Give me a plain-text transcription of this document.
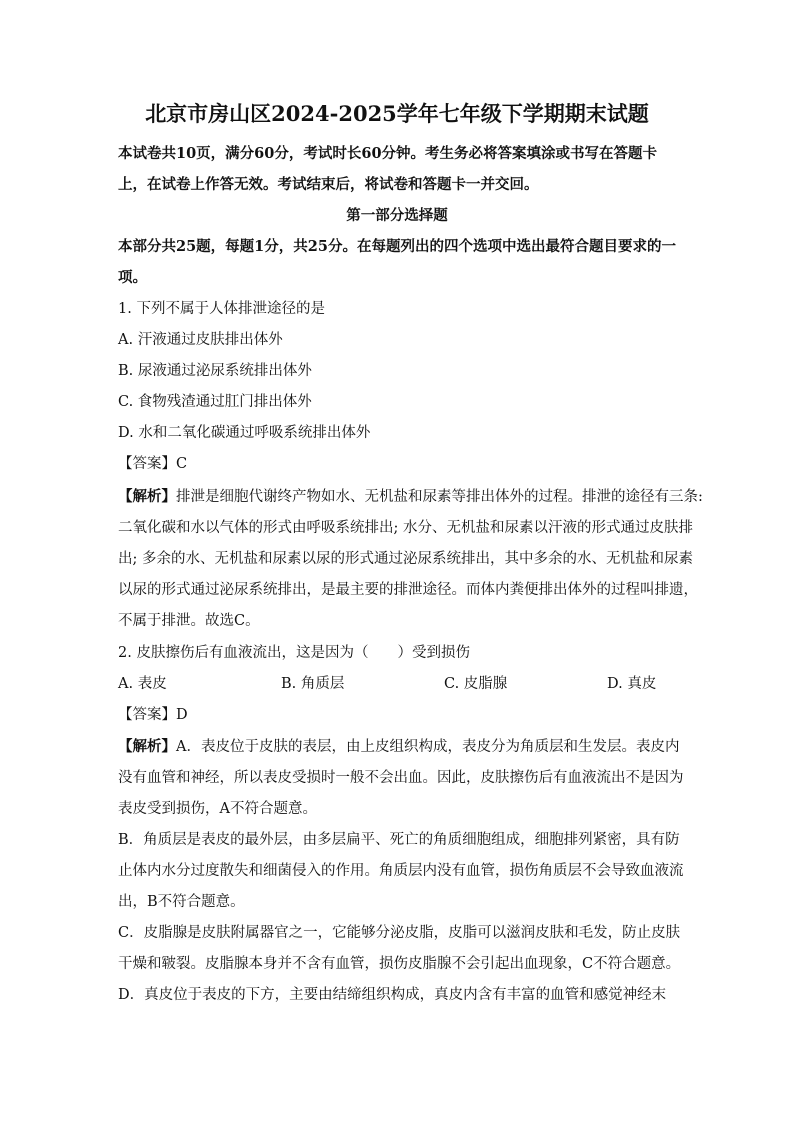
北京市房山区2024-2025学年七年级下学期期末试题
本试卷共10页，满分60分，考试时长60分钟。考生务必将答案填涂或书写在答题卡
上，在试卷上作答无效。考试结束后，将试卷和答题卡一并交回。
第一部分选择题
本部分共25题，每题1分，共25分。在每题列出的四个选项中选出最符合题目要求的一
项。
1. 下列不属于人体排泄途径的是
A. 汗液通过皮肤排出体外
B. 尿液通过泌尿系统排出体外
C. 食物残渣通过肛门排出体外
D. 水和二氧化碳通过呼吸系统排出体外
【答案】C
【解析】排泄是细胞代谢终产物如水、无机盐和尿素等排出体外的过程。排泄的途径有三条:
二氧化碳和水以气体的形式由呼吸系统排出; 水分、无机盐和尿素以汗液的形式通过皮肤排
出; 多余的水、无机盐和尿素以尿的形式通过泌尿系统排出，其中多余的水、无机盐和尿素
以尿的形式通过泌尿系统排出，是最主要的排泄途径。而体内粪便排出体外的过程叫排遗，
不属于排泄。故选C。
2. 皮肤擦伤后有血液流出，这是因为（　　）受到损伤
A. 表皮	B. 角质层	C. 皮脂腺	D. 真皮
【答案】D
【解析】A．表皮位于皮肤的表层，由上皮组织构成，表皮分为角质层和生发层。表皮内
没有血管和神经，所以表皮受损时一般不会出血。因此，皮肤擦伤后有血液流出不是因为
表皮受到损伤，A不符合题意。
B．角质层是表皮的最外层，由多层扁平、死亡的角质细胞组成，细胞排列紧密，具有防
止体内水分过度散失和细菌侵入的作用。角质层内没有血管，损伤角质层不会导致血液流
出，B不符合题意。
C．皮脂腺是皮肤附属器官之一，它能够分泌皮脂，皮脂可以滋润皮肤和毛发，防止皮肤
干燥和皲裂。皮脂腺本身并不含有血管，损伤皮脂腺不会引起出血现象，C不符合题意。
D．真皮位于表皮的下方，主要由结缔组织构成，真皮内含有丰富的血管和感觉神经末
